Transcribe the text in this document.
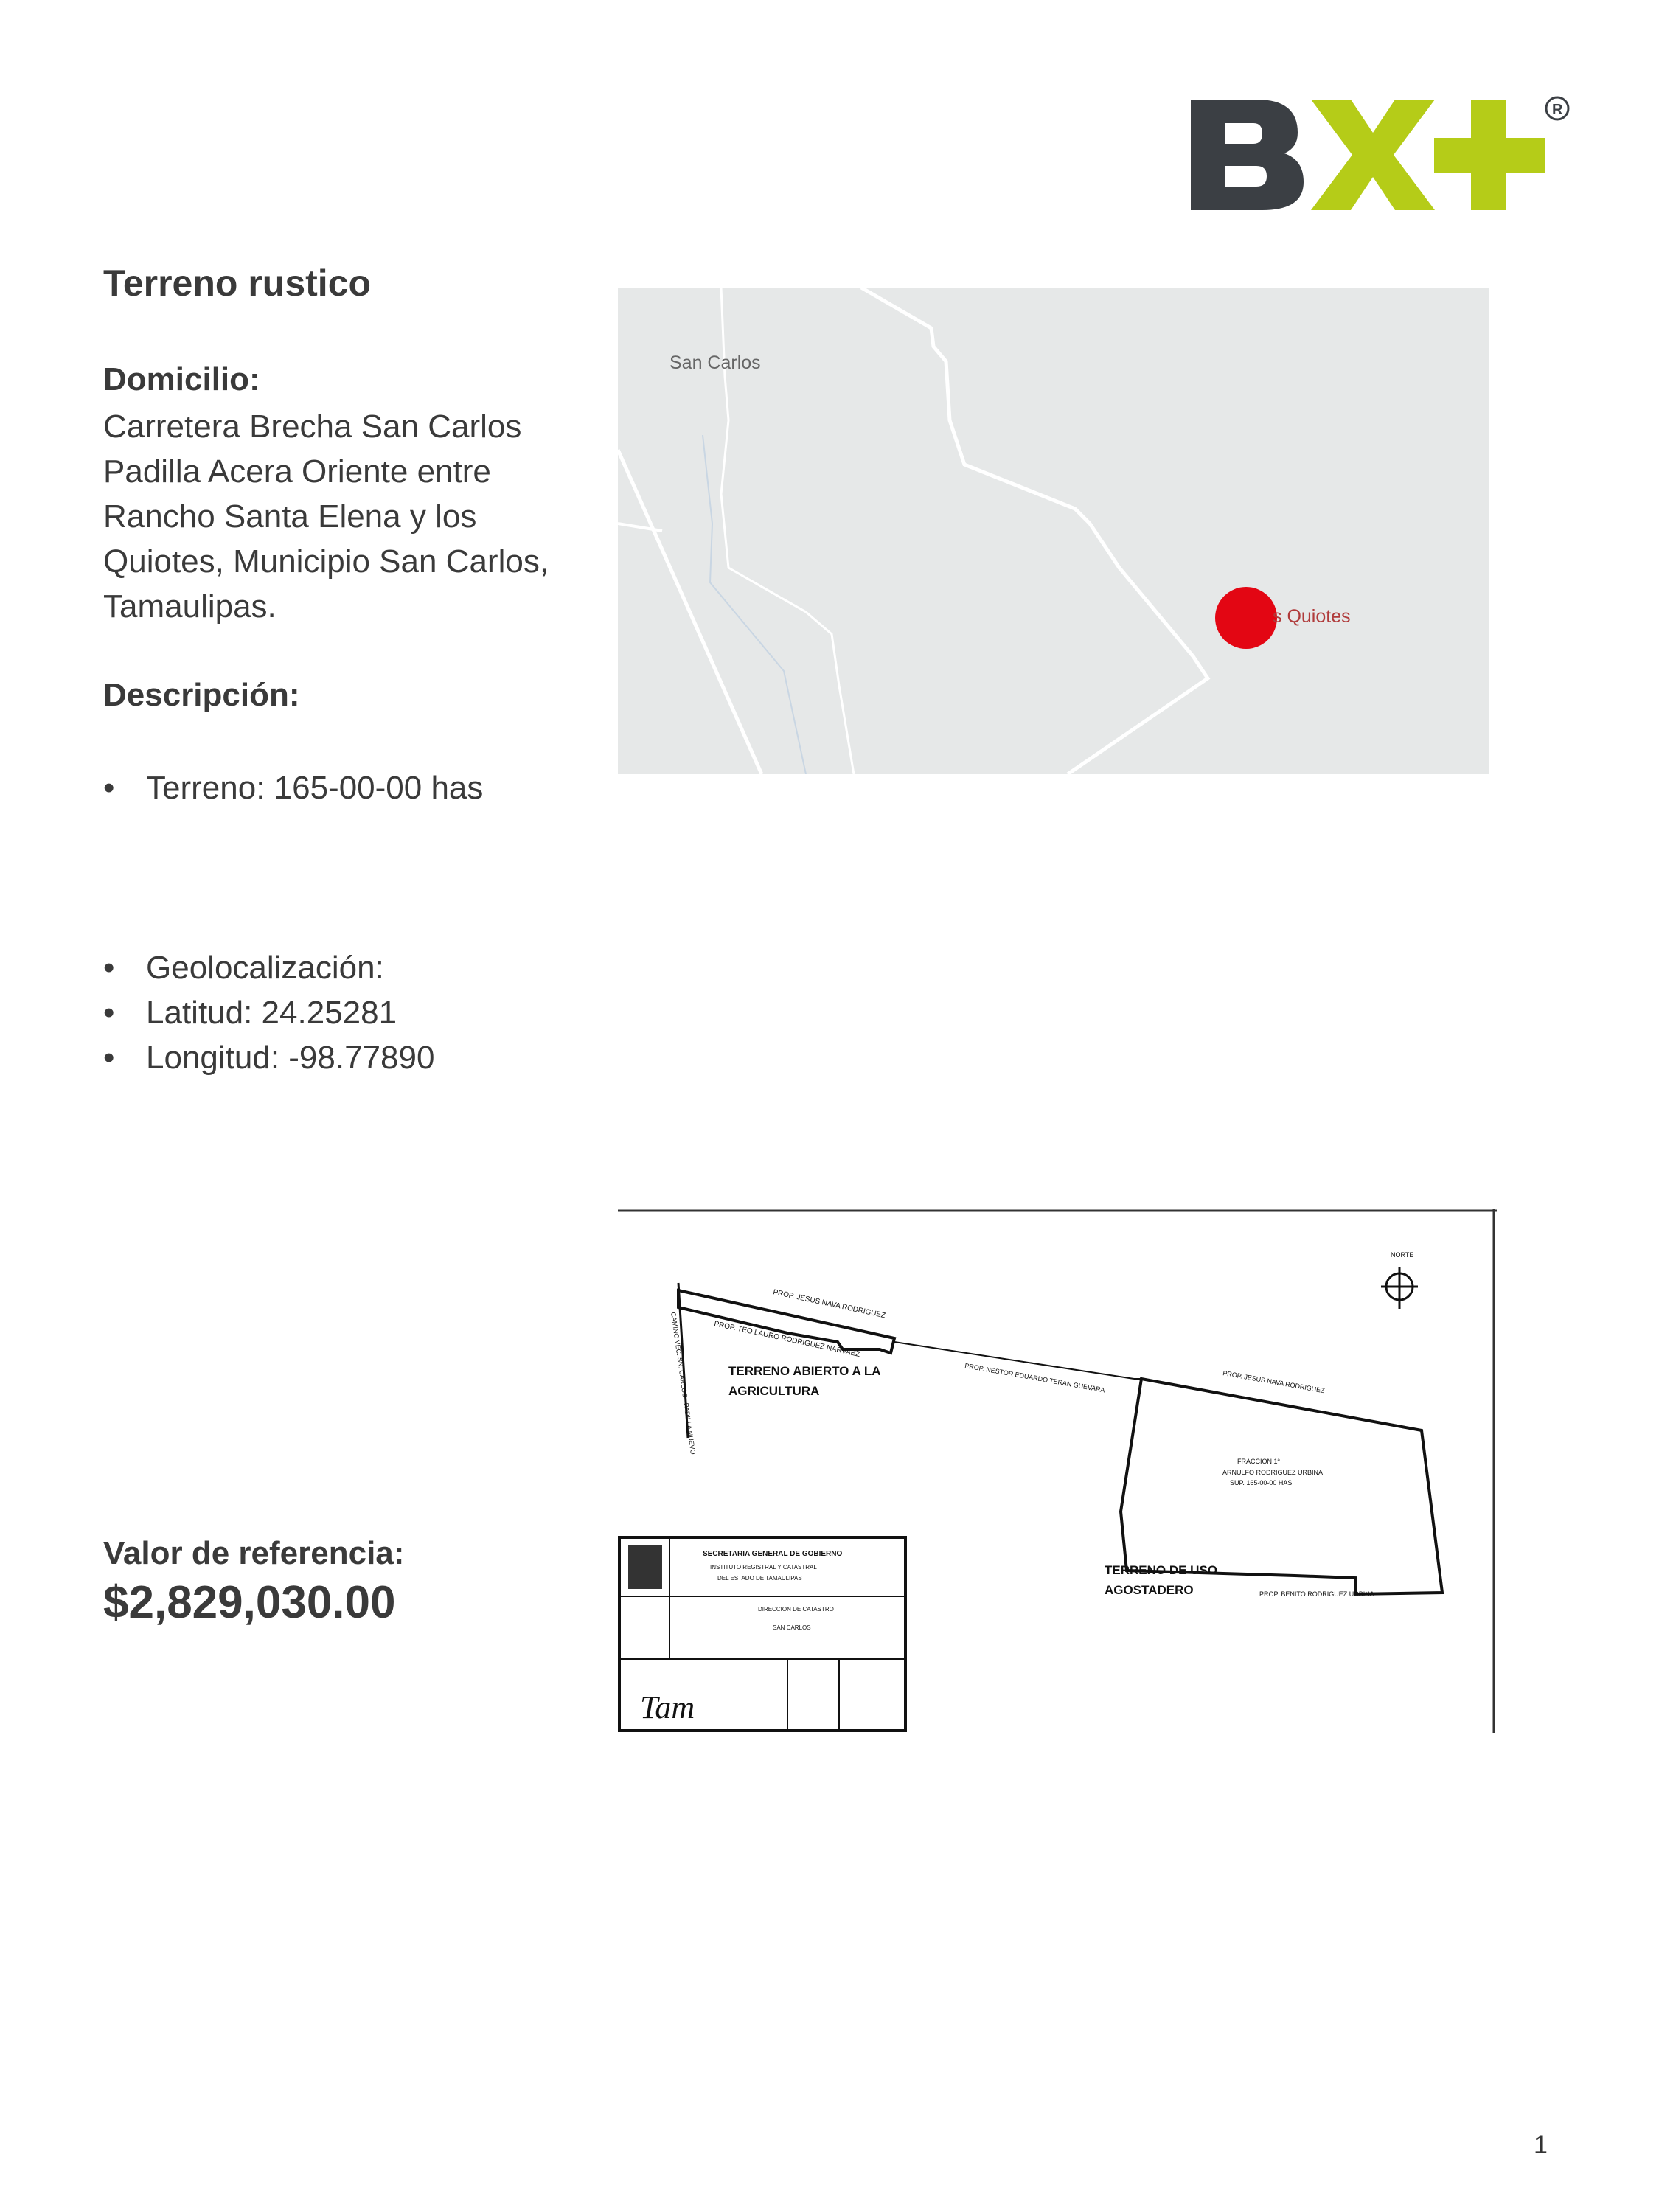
R
Terreno rustico
Domicilio:
Carretera Brecha San Carlos
Padilla Acera Oriente entre
Rancho Santa Elena y los
Quiotes, Municipio San Carlos,
Tamaulipas.
Descripción:
• Terreno: 165-00-00 has
• Geolocalización:
• Latitud: 24.25281
• Longitud: -98.77890
Valor de referencia:
$2,829,030.00
San Carlos
s Quiotes
NORTE
PROP. JESUS NAVA RODRIGUEZ
PROP. TEO LAURO RODRIGUEZ NARVAEZ
PROP. NESTOR EDUARDO TERAN GUEVARA	PROP. JESUS NAVA RODRIGUEZ
TERRENO ABIERTO A LA
AGRICULTURA
FRACCION 1ª
ARNULFO RODRIGUEZ URBINA
SUP. 165-00-00 HAS
TERRENO DE USO
AGOSTADERO	PROP. BENITO RODRIGUEZ URBINA
CAMINO VEC. SN. CARLOS - PADILLA NUEVO
SECRETARIA GENERAL DE GOBIERNO
INSTITUTO REGISTRAL Y CATASTRAL
DEL ESTADO DE TAMAULIPAS
DIRECCION DE CATASTRO
SAN CARLOS
Tam
1
